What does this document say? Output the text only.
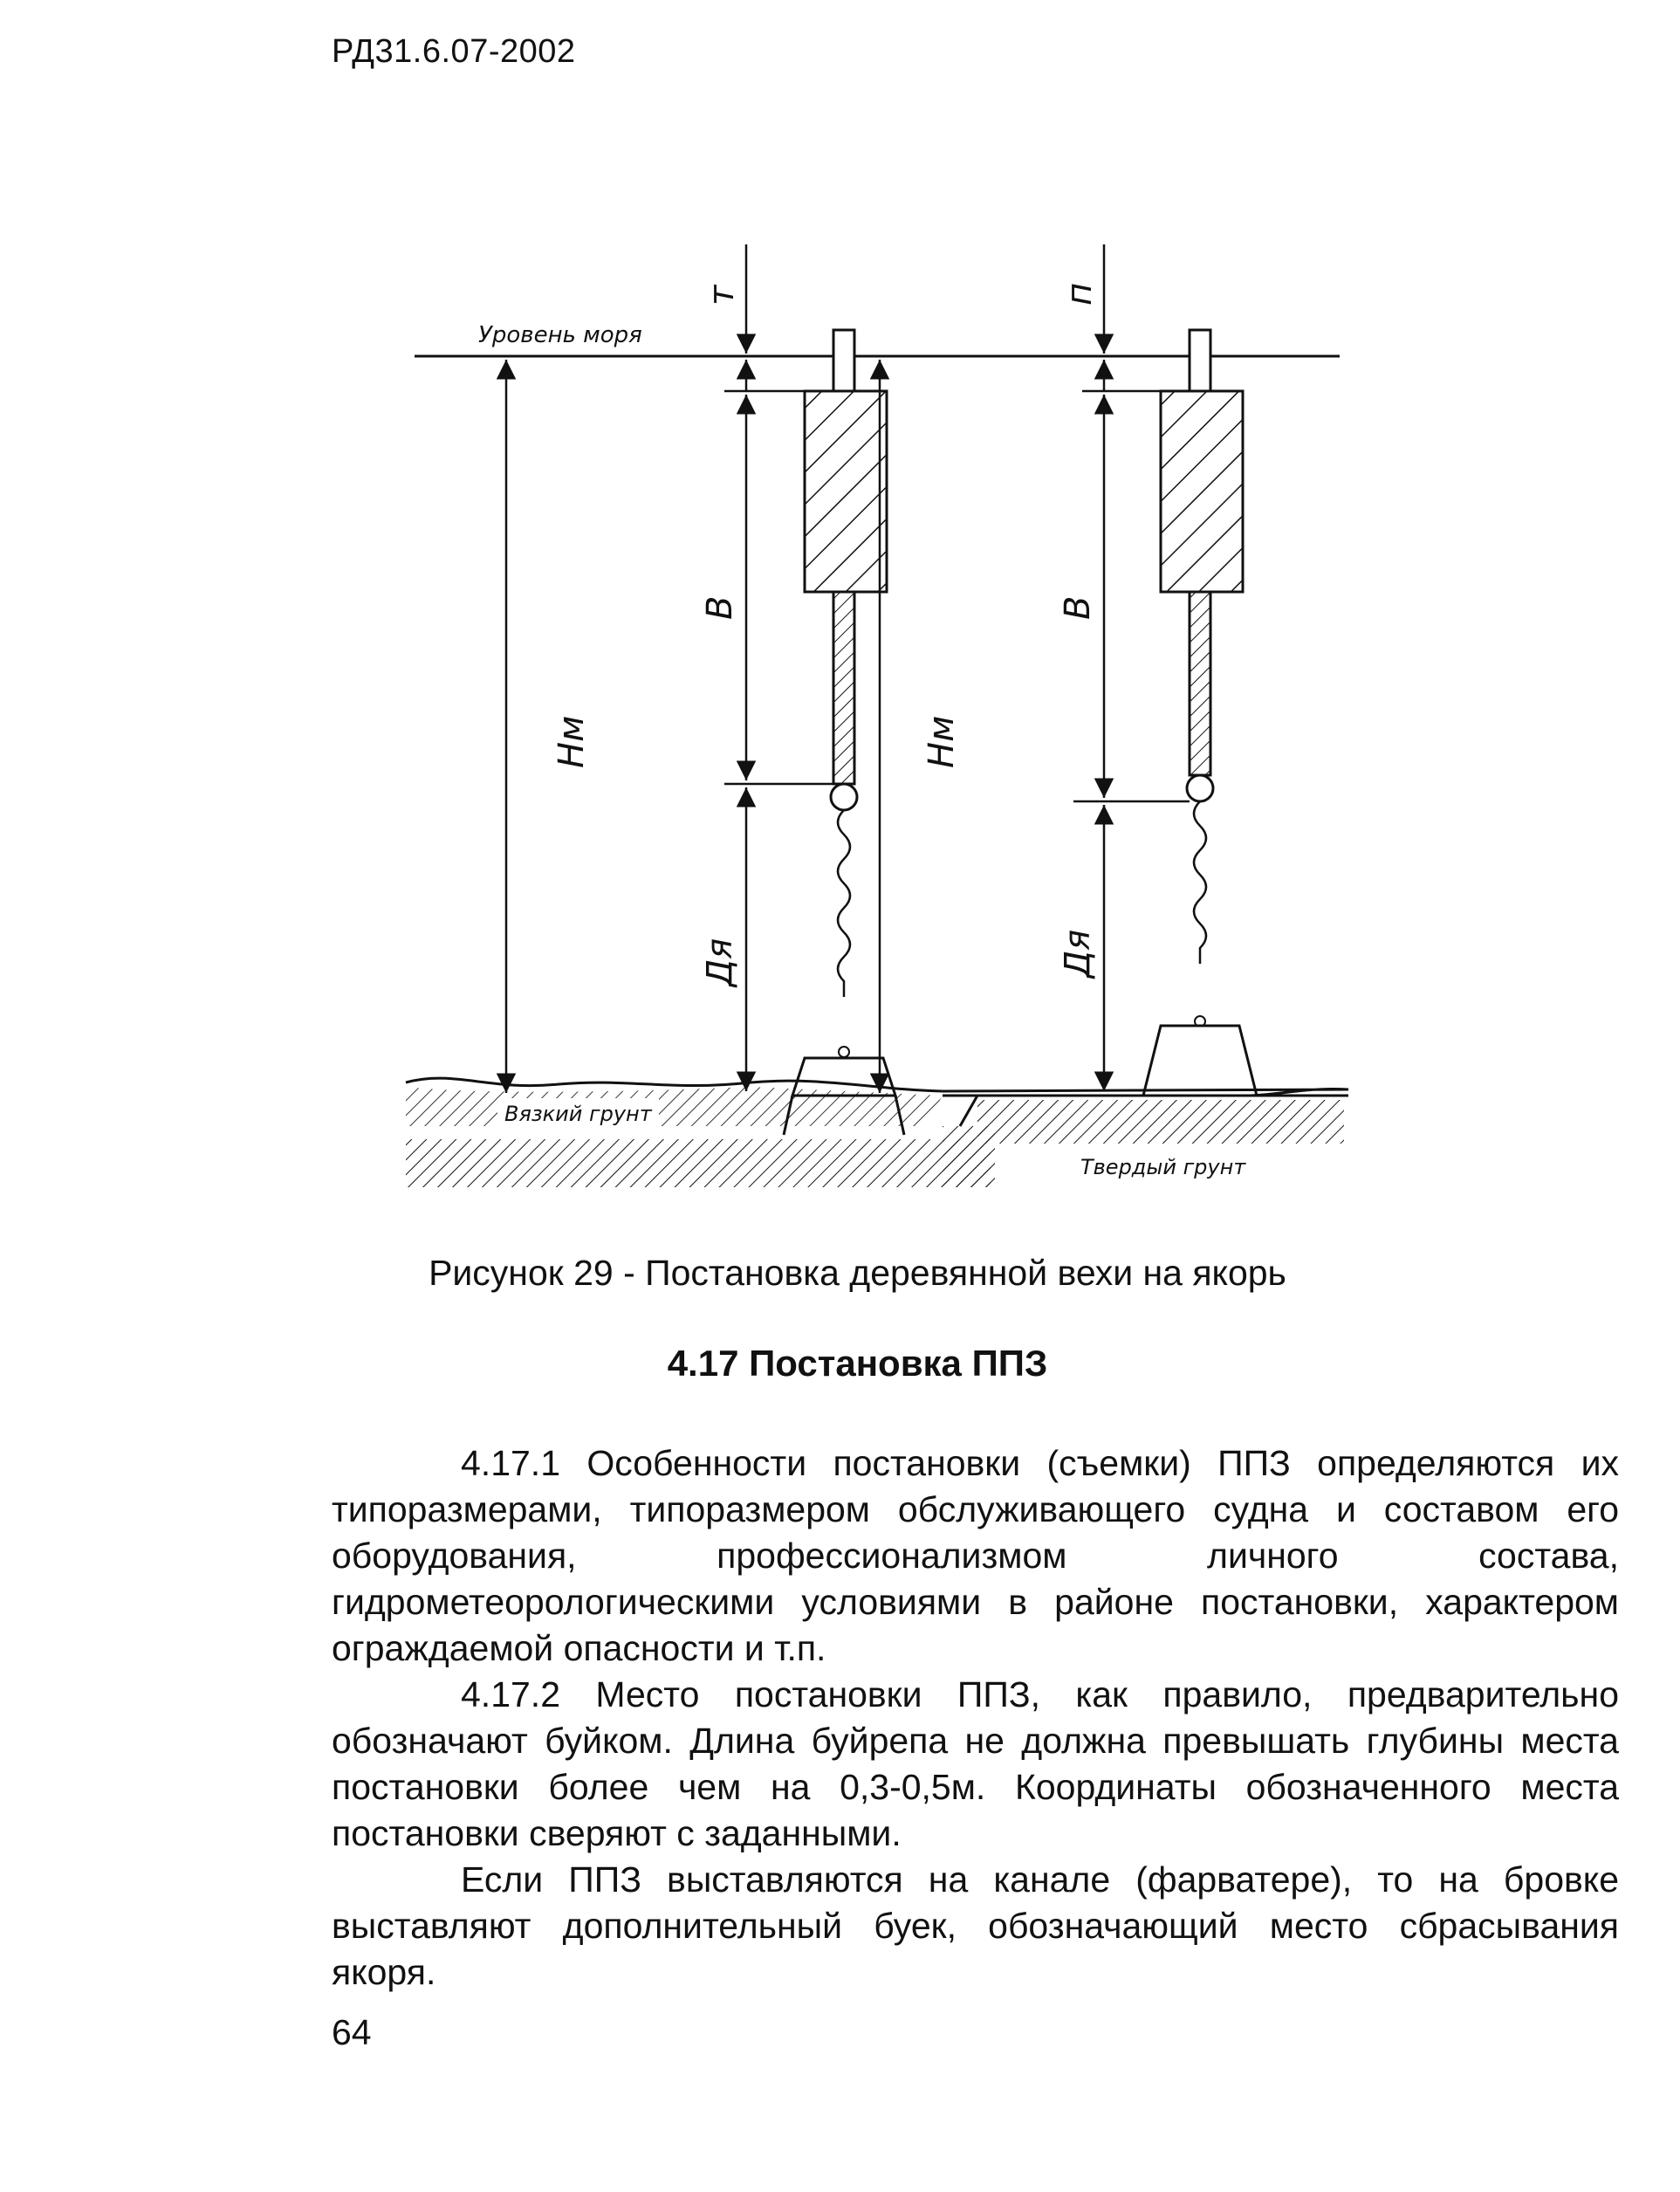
РД31.6.07-2002
Уровень моря
Нм
т
В
Дя
Нм
п
В
Дя
Вязкий грунт
Твердый грунт
Рисунок 29 - Постановка деревянной вехи на якорь
4.17 Постановка ППЗ

4.17.1 Особенности постановки (съемки) ППЗ определяются их типоразмерами, типоразмером обслуживающего судна и составом его оборудования, профессионализмом личного состава, гидрометеорологическими условиями в районе постановки, характером ограждаемой опасности и т.п.

4.17.2 Место постановки ППЗ, как правило, предварительно обозначают буйком. Длина буйрепа не должна превышать глубины места постановки более чем на 0,3-0,5м. Координаты обозначенного места постановки сверяют с заданными.

Если ППЗ выставляются на канале (фарватере), то на бровке выставляют дополнительный буек, обозначающий место сбрасывания якоря.

64
